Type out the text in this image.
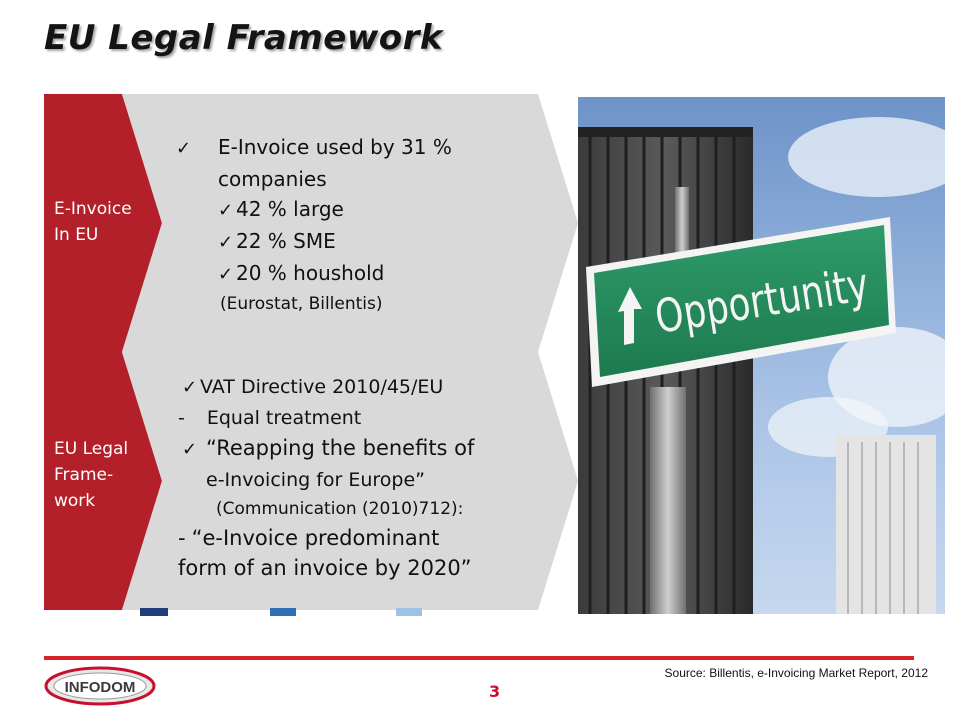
EU Legal Framework
E-Invoice
In EU
✓ E-Invoice used by 31 %
companies
✓ 42 % large
✓ 22 % SME
✓ 20 % houshold
(Eurostat, Billentis)
EU Legal
Frame-
work
✓ VAT Directive 2010/45/EU
- Equal treatment
✓ “Reapping the benefits of
e-Invoicing for Europe”
(Communication (2010)712):
- “e-Invoice predominant
form of an invoice by 2020”
Opportunity
INFODOM	3
Source: Billentis, e-Invoicing Market Report, 2012
